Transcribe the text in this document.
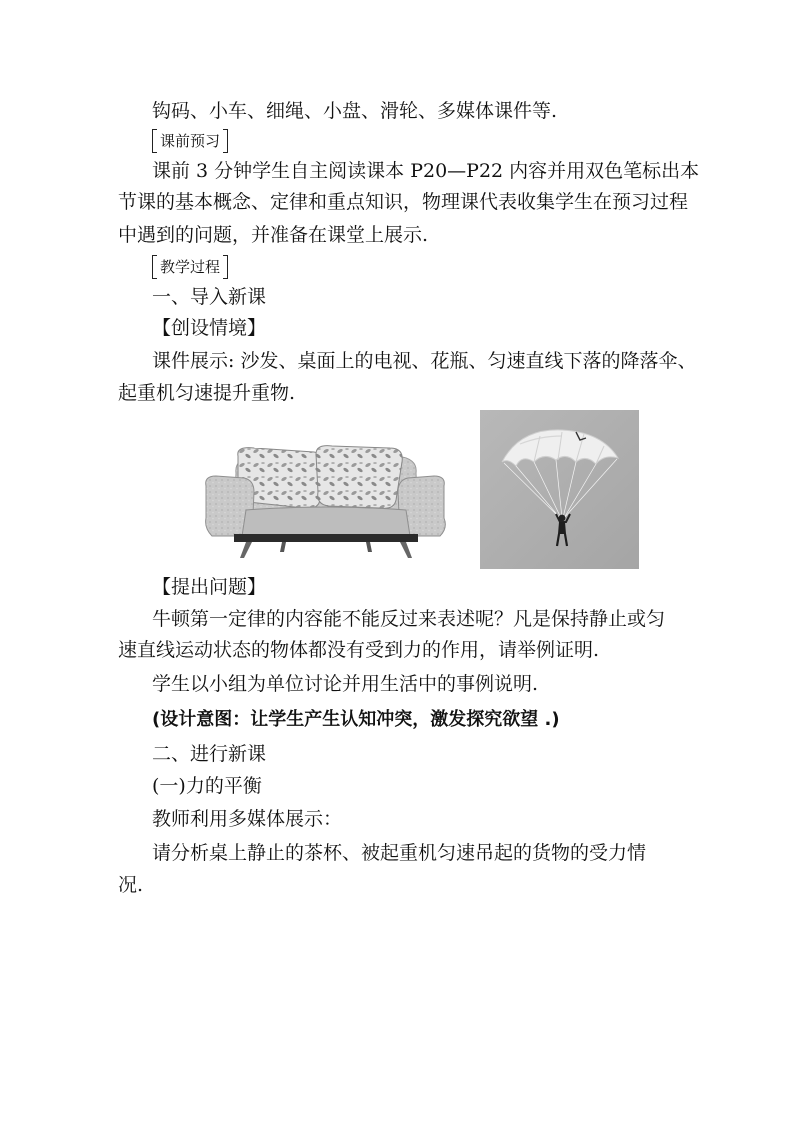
钩码、小车、细绳、小盘、滑轮、多媒体课件等.
课前预习
课前 3 分钟学生自主阅读课本 P20—P22 内容并用双色笔标出本
节课的基本概念、定律和重点知识，物理课代表收集学生在预习过程
中遇到的问题，并准备在课堂上展示.
教学过程
一、导入新课
【创设情境】
课件展示: 沙发、桌面上的电视、花瓶、匀速直线下落的降落伞、
起重机匀速提升重物.
【提出问题】
牛顿第一定律的内容能不能反过来表述呢？凡是保持静止或匀
速直线运动状态的物体都没有受到力的作用，请举例证明.
学生以小组为单位讨论并用生活中的事例说明.
(设计意图：让学生产生认知冲突，激发探究欲望 .)
二、进行新课
(一)力的平衡
教师利用多媒体展示：
请分析桌上静止的茶杯、被起重机匀速吊起的货物的受力情
况.
